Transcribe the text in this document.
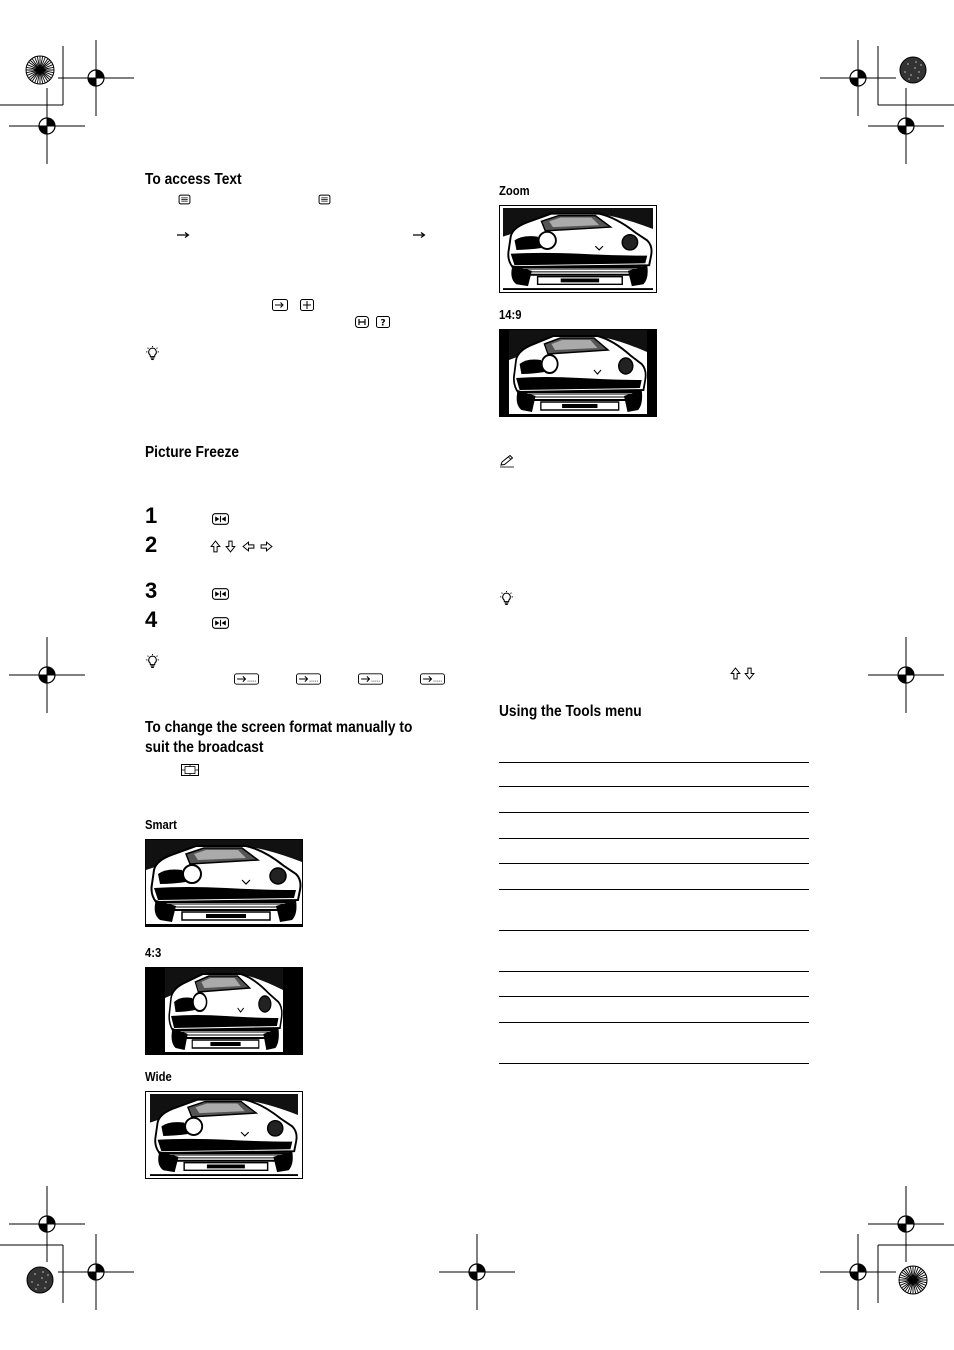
To access Text
?
Picture Freeze
1
2
3
4
To change the screen format manually to
suit the broadcast
Smart
4:3
Wide
Zoom
14:9
Using the Tools menu
